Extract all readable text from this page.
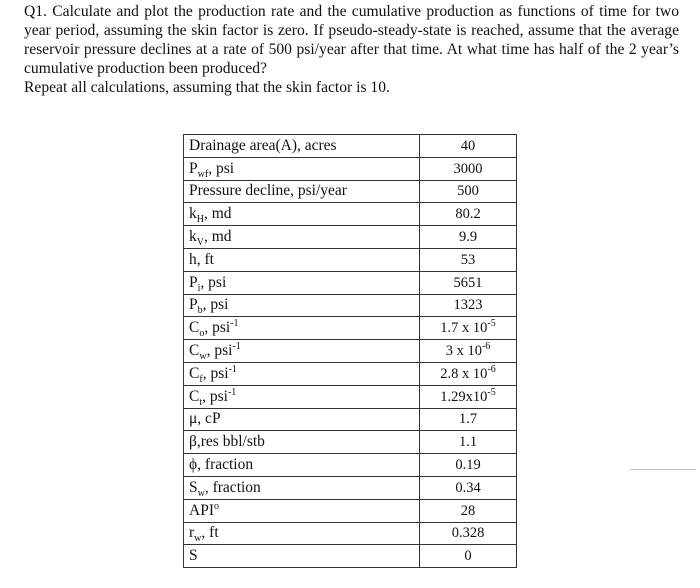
Q1. Calculate and plot the production rate and the cumulative production as functions of time for two year period, assuming the skin factor is zero. If pseudo-steady-state is reached, assume that the average reservoir pressure declines at a rate of 500 psi/year after that time. At what time has half of the 2 year’s cumulative production been produced?

Repeat all calculations, assuming that the skin factor is 10.

Drainage area(A), acres	40
$P_{wf}$, psi	3000
Pressure decline, psi/year	500
$k_H$, md	80.2
$k_V$, md	9.9
h, ft	53
$P_i$, psi	5651
$P_b$, psi	1323
$C_o$, psi$^{-1}$	1.7 x $10^{-5}$
$C_w$, psi$^{-1}$	3 x $10^{-6}$
$C_f$, psi$^{-1}$	2.8 x $10^{-6}$
$C_t$, psi$^{-1}$	$1.29x10^{-5}$
μ, cP	1.7
β,res bbl/stb	1.1
ϕ, fraction	0.19
$S_w$, fraction	0.34
API$^o$	28
$r_w$, ft	0.328
S	0
